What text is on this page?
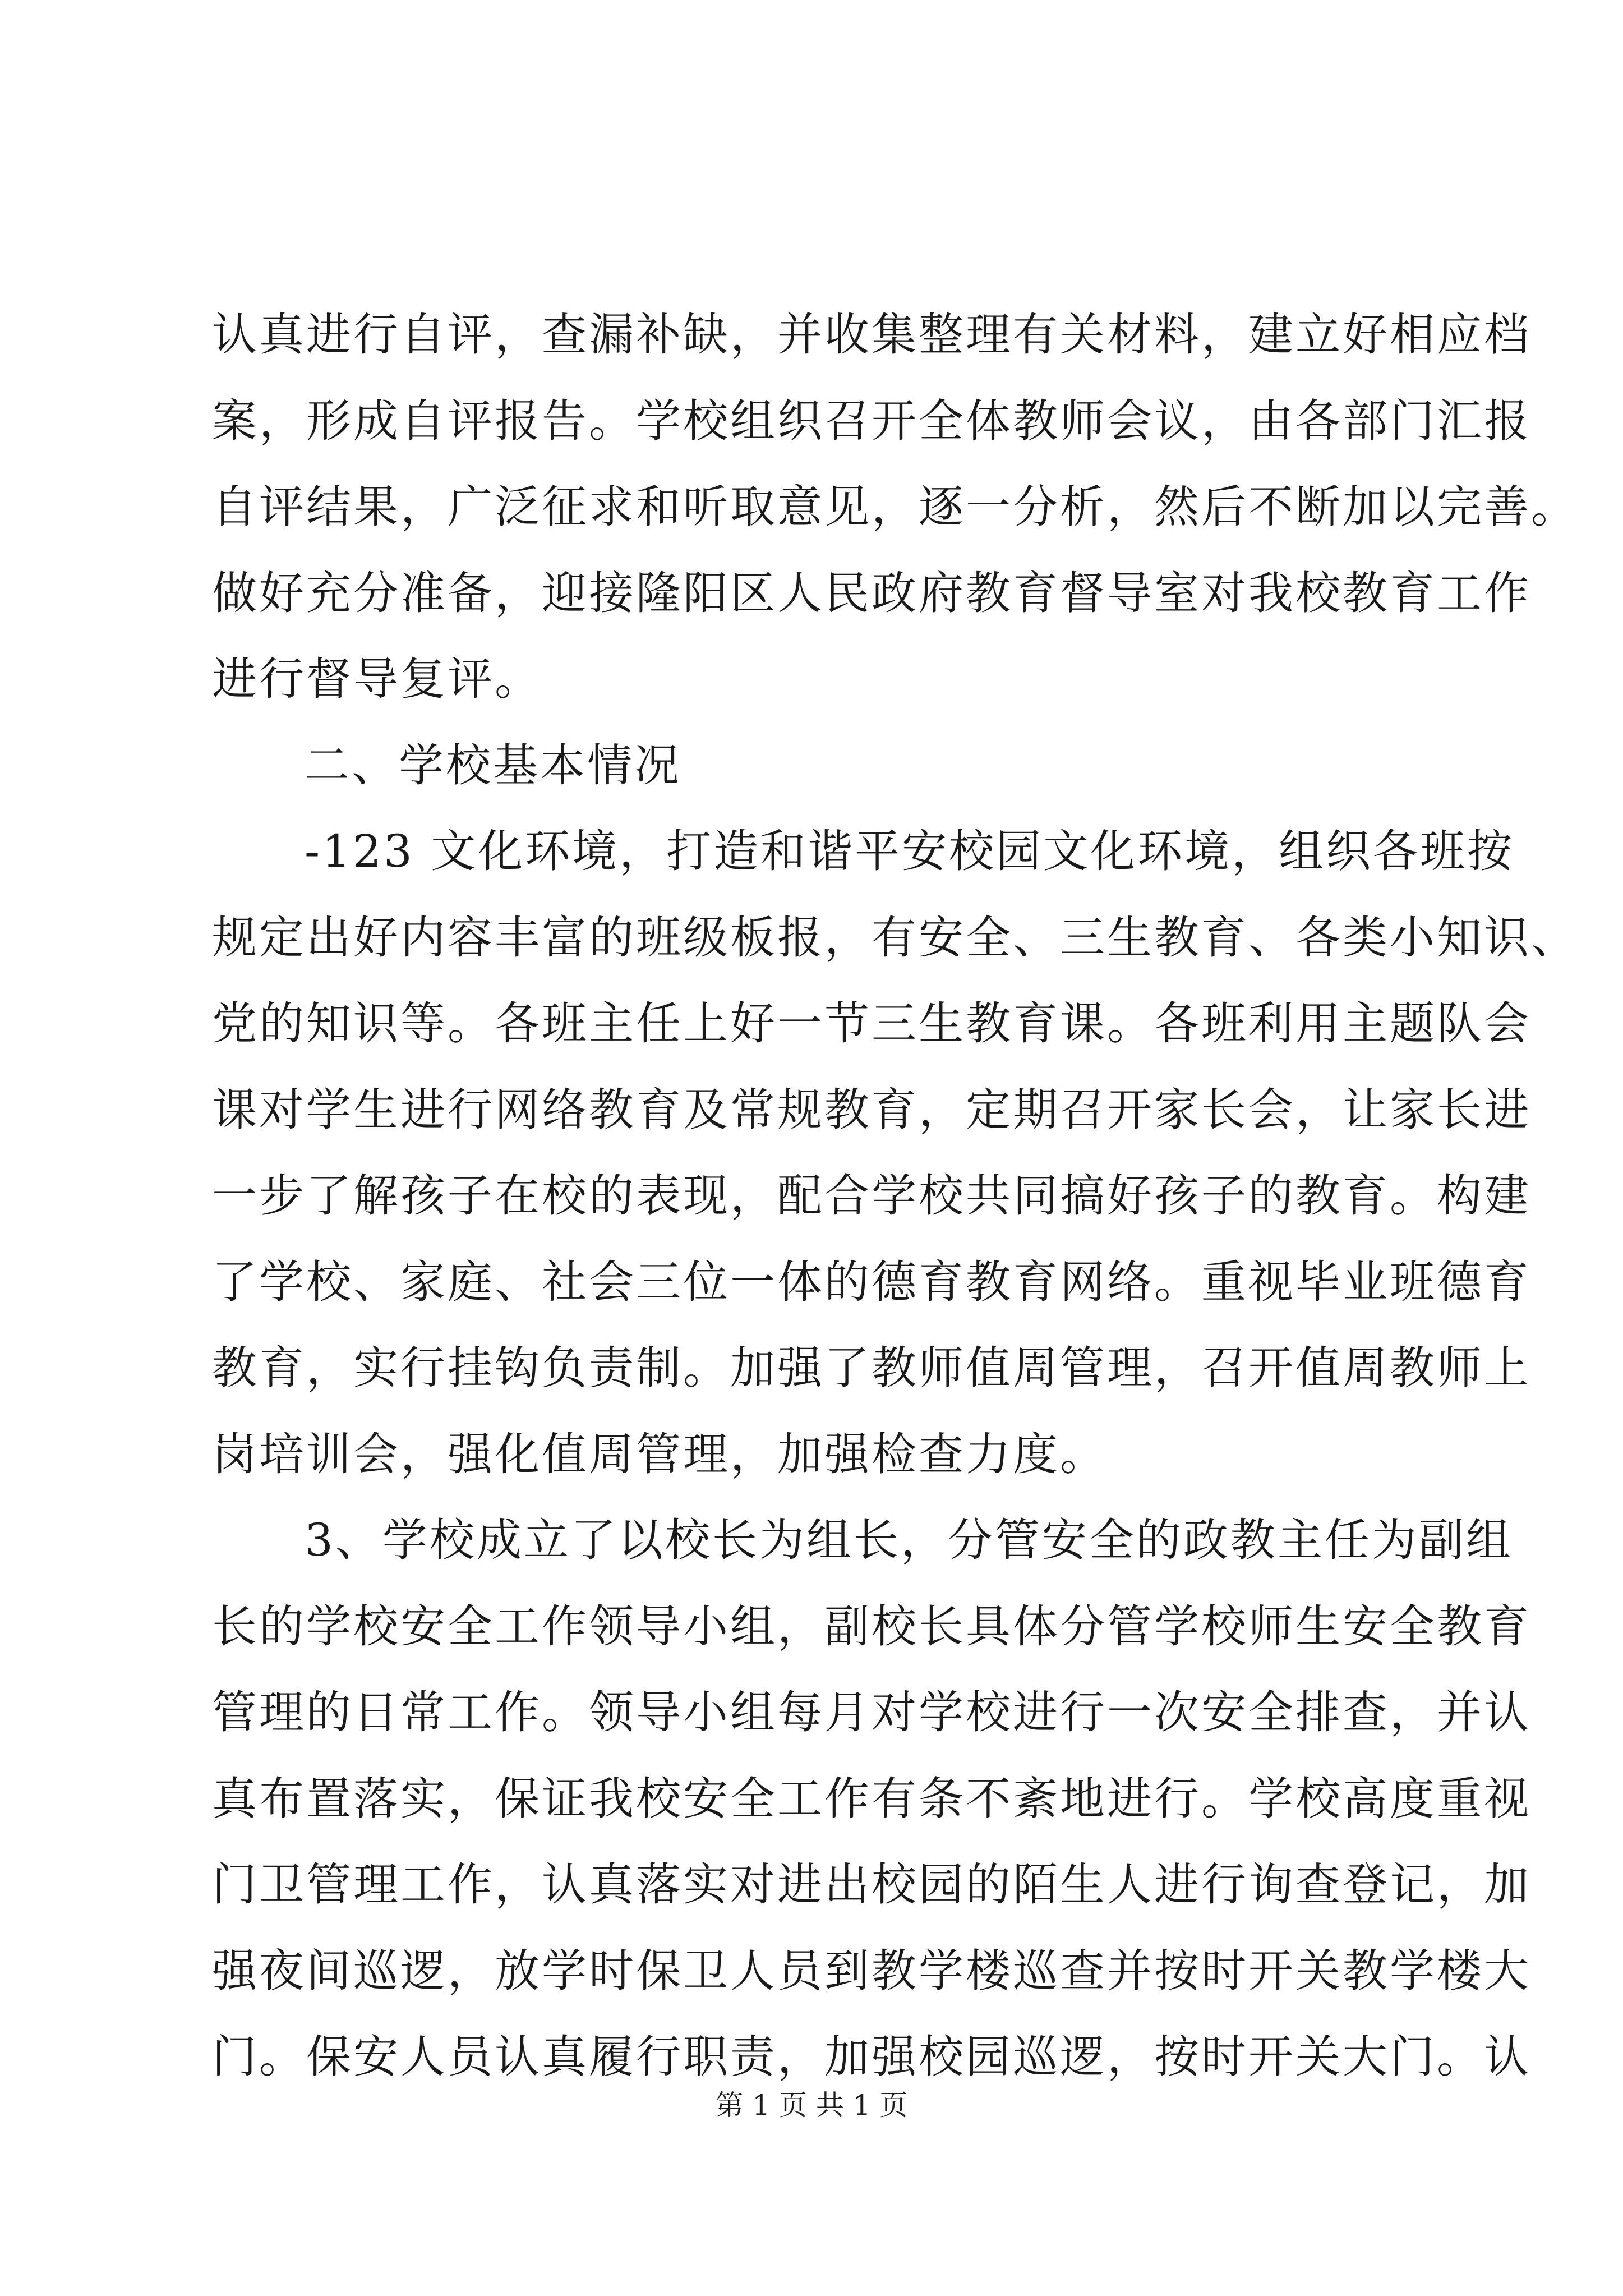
认真进行自评，查漏补缺，并收集整理有关材料，建立好相应档
案，形成自评报告。学校组织召开全体教师会议，由各部门汇报
自评结果，广泛征求和听取意见，逐一分析，然后不断加以完善。
做好充分准备，迎接隆阳区人民政府教育督导室对我校教育工作
进行督导复评。
二、学校基本情况
-123 文化环境，打造和谐平安校园文化环境，组织各班按
规定出好内容丰富的班级板报，有安全、三生教育、各类小知识、
党的知识等。各班主任上好一节三生教育课。各班利用主题队会
课对学生进行网络教育及常规教育，定期召开家长会，让家长进
一步了解孩子在校的表现，配合学校共同搞好孩子的教育。构建
了学校、家庭、社会三位一体的德育教育网络。重视毕业班德育
教育，实行挂钩负责制。加强了教师值周管理，召开值周教师上
岗培训会，强化值周管理，加强检查力度。
3、学校成立了以校长为组长，分管安全的政教主任为副组
长的学校安全工作领导小组，副校长具体分管学校师生安全教育
管理的日常工作。领导小组每月对学校进行一次安全排查，并认
真布置落实，保证我校安全工作有条不紊地进行。学校高度重视
门卫管理工作，认真落实对进出校园的陌生人进行询查登记，加
强夜间巡逻，放学时保卫人员到教学楼巡查并按时开关教学楼大
门。保安人员认真履行职责，加强校园巡逻，按时开关大门。认
第 1 页 共 1 页
